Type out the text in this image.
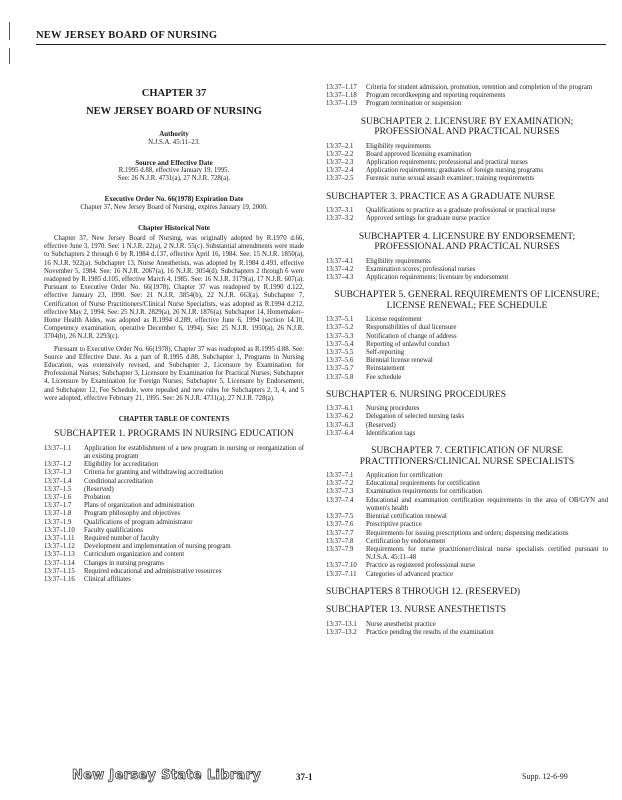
NEW JERSEY BOARD OF NURSING
CHAPTER 37
NEW JERSEY BOARD OF NURSING
Authority
N.J.S.A. 45:11–23.
Source and Effective Date
R.1995 d.88, effective January 19, 1995.
See: 26 N.J.R. 4731(a), 27 N.J.R. 728(a).
Executive Order No. 66(1978) Expiration Date
Chapter 37, New Jersey Board of Nursing, expires January 19, 2000.
Chapter Historical Note
Chapter 37, New Jersey Board of Nursing, was originally adopted by R.1970 d.66, effective June 3, 1970. See: 1 N.J.R. 22(a), 2 N.J.R. 55(c). Substantial amendments were made to Subchapters 2 through 6 by R.1984 d.137, effective April 16, 1984. See: 15 N.J.R. 1850(a), 16 N.J.R. 922(a). Subchapter 13, Nurse Anesthetists, was adopted by R.1984 d.493, effective November 5, 1984. See: 16 N.J.R. 2067(a), 16 N.J.R. 3054(d). Subchapters 2 through 6 were readopted by R.1985 d.105, effective March 4, 1985. See: 16 N.J.R. 3179(a), 17 N.J.R. 607(a). Pursuant to Executive Order No. 66(1978), Chapter 37 was readopted by R.1990 d.122, effective January 23, 1990. See: 21 N.J.R. 3854(b), 22 N.J.R. 663(a). Subchapter 7, Certification of Nurse Practitioners/Clinical Nurse Specialists, was adopted as R.1994 d.212, effective May 2, 1994. See: 25 N.J.R. 2829(a), 26 N.J.R. 1876(a). Subchapter 14, Homemaker–Home Health Aides, was adopted as R.1994 d.289, effective June 6, 1994 (section 14.10, Competency examination, operative December 6, 1994). See: 25 N.J.R. 1950(a), 26 N.J.R. 3704(b), 26 N.J.R. 2293(c).
Pursuant to Executive Order No. 66(1978), Chapter 37 was readopted as R.1995 d.88. See: Source and Effective Date. As a part of R.1995 d.88, Subchapter 1, Programs in Nursing Education, was extensively revised, and Subchapter 2, Licensure by Examination for Professional Nurses; Subchapter 3, Licensure by Examination for Practical Nurses; Subchapter 4, Licensure by Examination for Foreign Nurses; Subchapter 5, Licensure by Endorsement, and Subchapter 12, Fee Schedule, were repealed and new rules for Subchapters 2, 3, 4, and 5 were adopted, effective February 21, 1995. See: 26 N.J.R. 4731(a), 27 N.J.R. 728(a).
CHAPTER TABLE OF CONTENTS
SUBCHAPTER 1. PROGRAMS IN NURSING EDUCATION
13:37–1.1	Application for establishment of a new program in nursing or reorganization of an existing program
13:37–1.2	Eligibility for accreditation
13:37–1.3	Criteria for granting and withdrawing accreditation
13:37–1.4	Conditional accreditation
13:37–1.5	(Reserved)
13:37–1.6	Probation
13:37–1.7	Plans of organization and administration
13:37–1.8	Program philosophy and objectives
13:37–1.9	Qualifications of program administrator
13:37–1.10	Faculty qualifications
13:37–1.11	Required number of faculty
13:37–1.12	Development and implementation of nursing program
13:37–1.13	Curriculum organization and content
13:37–1.14	Changes in nursing programs
13:37–1.15	Required educational and administrative resources
13:37–1.16	Clinical affiliates
13:37–1.17	Criteria for student admission, promotion, retention and completion of the program
13:37–1.18	Program recordkeeping and reporting requirements
13:37–1.19	Program termination or suspension
SUBCHAPTER 2. LICENSURE BY EXAMINATION; PROFESSIONAL AND PRACTICAL NURSES
13:37–2.1	Eligibility requirements
13:37–2.2	Board approved licensing examination
13:37–2.3	Application requirements; professional and practical nurses
13:37–2.4	Application requirements; graduates of foreign nursing programs
13:37–2.5	Forensic nurse sexual assault examiner; training requirements
SUBCHAPTER 3. PRACTICE AS A GRADUATE NURSE
13:37–3.1	Qualifications to practice as a graduate professional or practical nurse
13:37–3.2	Approved settings for graduate nurse practice
SUBCHAPTER 4. LICENSURE BY ENDORSEMENT; PROFESSIONAL AND PRACTICAL NURSES
13:37–4.1	Eligibility requirements
13:37–4.2	Examination scores; professional nurses
13:37–4.3	Application requirements; licensure by endorsement
SUBCHAPTER 5. GENERAL REQUIREMENTS OF LICENSURE; LICENSE RENEWAL; FEE SCHEDULE
13:37–5.1	License requirement
13:37–5.2	Responsibilities of dual licensure
13:37–5.3	Notification of change of address
13:37–5.4	Reporting of unlawful conduct
13:37–5.5	Self-reporting
13:37–5.6	Biennial license renewal
13:37–5.7	Reinstatement
13:37–5.8	Fee schedule
SUBCHAPTER 6. NURSING PROCEDURES
13:37–6.1	Nursing procedures
13:37–6.2	Delegation of selected nursing tasks
13:37–6.3	(Reserved)
13:37–6.4	Identification tags
SUBCHAPTER 7. CERTIFICATION OF NURSE PRACTITIONERS/CLINICAL NURSE SPECIALISTS
13:37–7.1	Application for certification
13:37–7.2	Educational requirements for certification
13:37–7.3	Examination requirements for certification
13:37–7.4	Educational and examination certification requirements in the area of OB/GYN and women's health
13:37–7.5	Biennial certification renewal
13:37–7.6	Prescriptive practice
13:37–7.7	Requirements for issuing prescriptions and orders; dispensing medications
13:37–7.8	Certification by endorsement
13:37–7.9	Requirements for nurse practitioner/clinical nurse specialists certified pursuant to N.J.S.A. 45:11–48
13:37–7.10	Practice as registered professional nurse
13:37–7.11	Categories of advanced practice
SUBCHAPTERS 8 THROUGH 12. (RESERVED)
SUBCHAPTER 13. NURSE ANESTHETISTS
13:37–13.1	Nurse anesthetist practice
13:37–13.2	Practice pending the results of the examination
New Jersey State Library	37-1	Supp. 12-6-99
